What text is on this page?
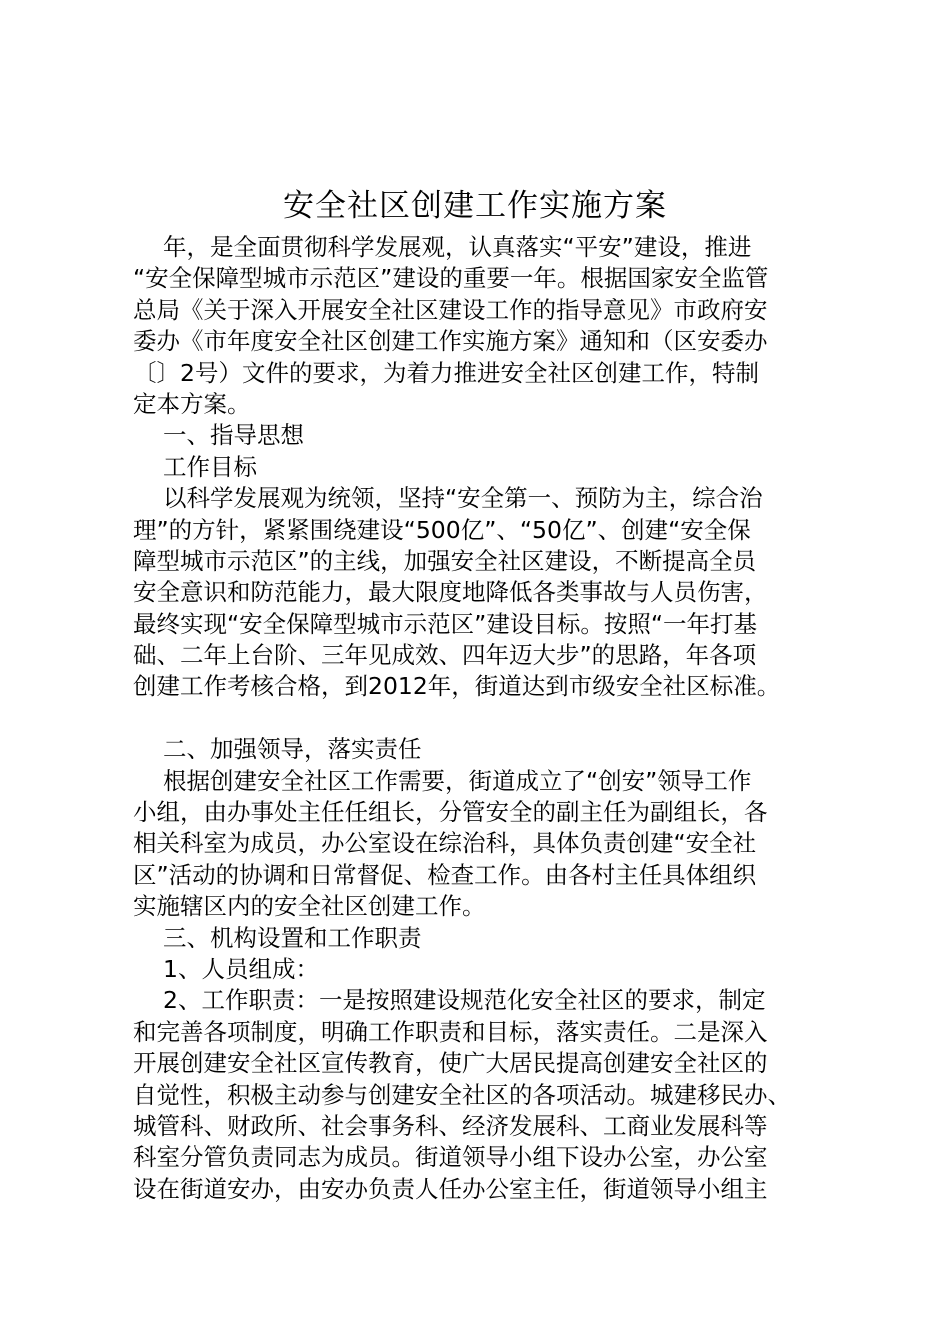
安全社区创建工作实施方案
年，是全面贯彻科学发展观，认真落实“平安”建设，推进
“安全保障型城市示范区”建设的重要一年。根据国家安全监管
总局《关于深入开展安全社区建设工作的指导意见》市政府安
委办《市年度安全社区创建工作实施方案》通知和（区安委办
〔〕2号）文件的要求，为着力推进安全社区创建工作，特制
定本方案。
一、指导思想
工作目标
以科学发展观为统领，坚持“安全第一、预防为主，综合治
理”的方针，紧紧围绕建设“500亿”、“50亿”、创建“安全保
障型城市示范区”的主线，加强安全社区建设，不断提高全员
安全意识和防范能力，最大限度地降低各类事故与人员伤害，
最终实现“安全保障型城市示范区”建设目标。按照“一年打基
础、二年上台阶、三年见成效、四年迈大步”的思路，年各项
创建工作考核合格，到2012年，街道达到市级安全社区标准。
二、加强领导，落实责任
根据创建安全社区工作需要，街道成立了“创安”领导工作
小组，由办事处主任任组长，分管安全的副主任为副组长，各
相关科室为成员，办公室设在综治科，具体负责创建“安全社
区”活动的协调和日常督促、检查工作。由各村主任具体组织
实施辖区内的安全社区创建工作。
三、机构设置和工作职责
1、人员组成：
2、工作职责：一是按照建设规范化安全社区的要求，制定
和完善各项制度，明确工作职责和目标，落实责任。二是深入
开展创建安全社区宣传教育，使广大居民提高创建安全社区的
自觉性，积极主动参与创建安全社区的各项活动。城建移民办、
城管科、财政所、社会事务科、经济发展科、工商业发展科等
科室分管负责同志为成员。街道领导小组下设办公室，办公室
设在街道安办，由安办负责人任办公室主任，街道领导小组主
